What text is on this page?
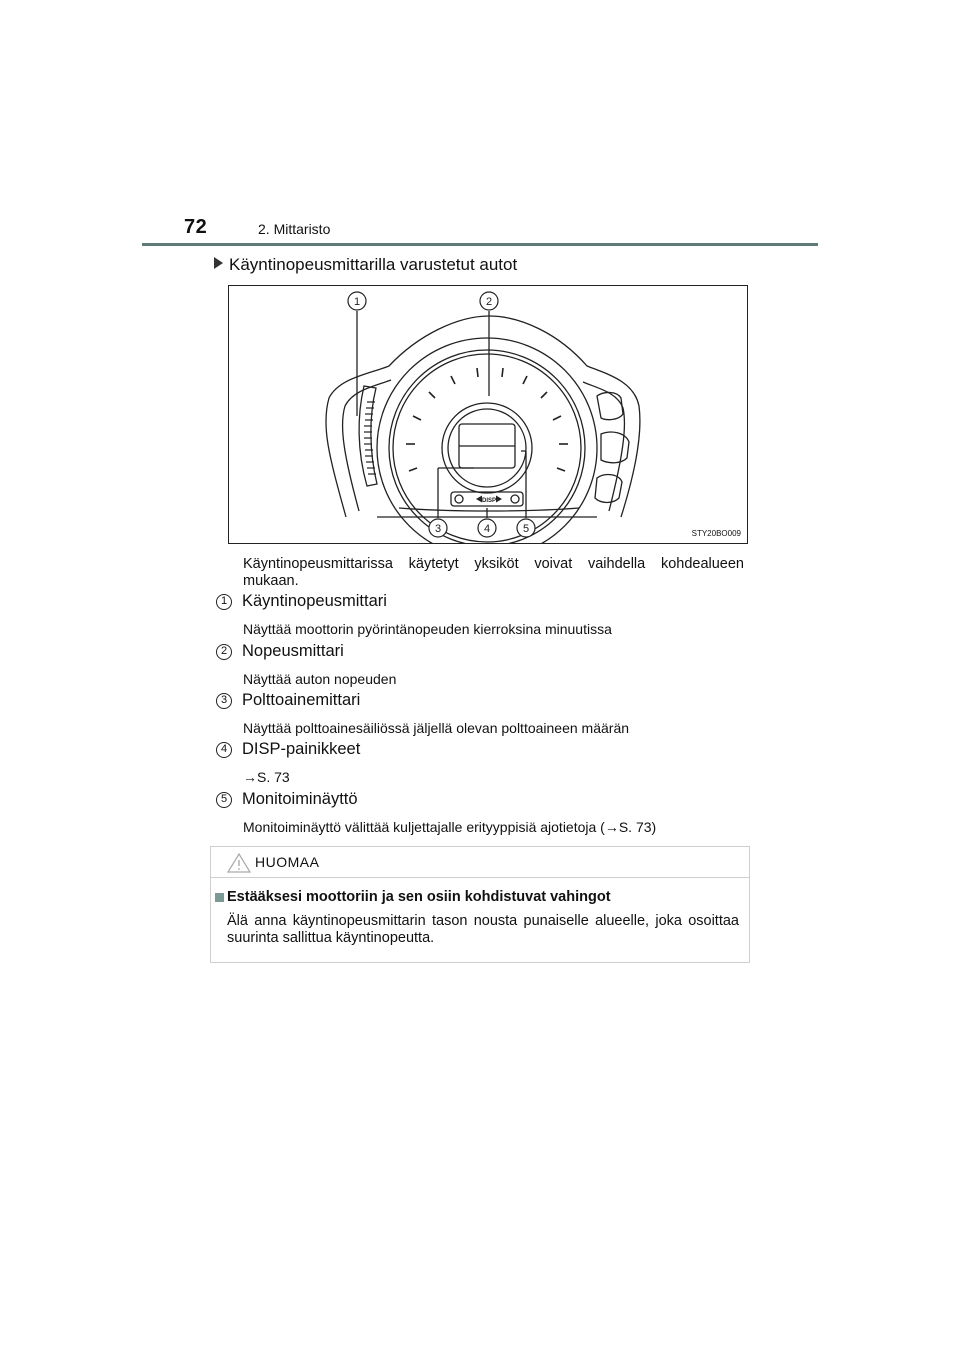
72	2. Mittaristo
Käyntinopeusmittarilla varustetut autot
1	2
3	4	5
DISP
STY20BO009
Käyntinopeusmittarissa käytetyt yksiköt voivat vaihdella kohdealueen mukaan.
1 Käyntinopeusmittari
Näyttää moottorin pyörintänopeuden kierroksina minuutissa
2 Nopeusmittari
Näyttää auton nopeuden
3 Polttoainemittari
Näyttää polttoainesäiliössä jäljellä olevan polttoaineen määrän
4 DISP-painikkeet
→S. 73
5 Monitoiminäyttö
Monitoiminäyttö välittää kuljettajalle erityyppisiä ajotietoja (→S. 73)
HUOMAA
Estääksesi moottoriin ja sen osiin kohdistuvat vahingot
Älä anna käyntinopeusmittarin tason nousta punaiselle alueelle, joka osoittaa suurinta sallittua käyntinopeutta.
